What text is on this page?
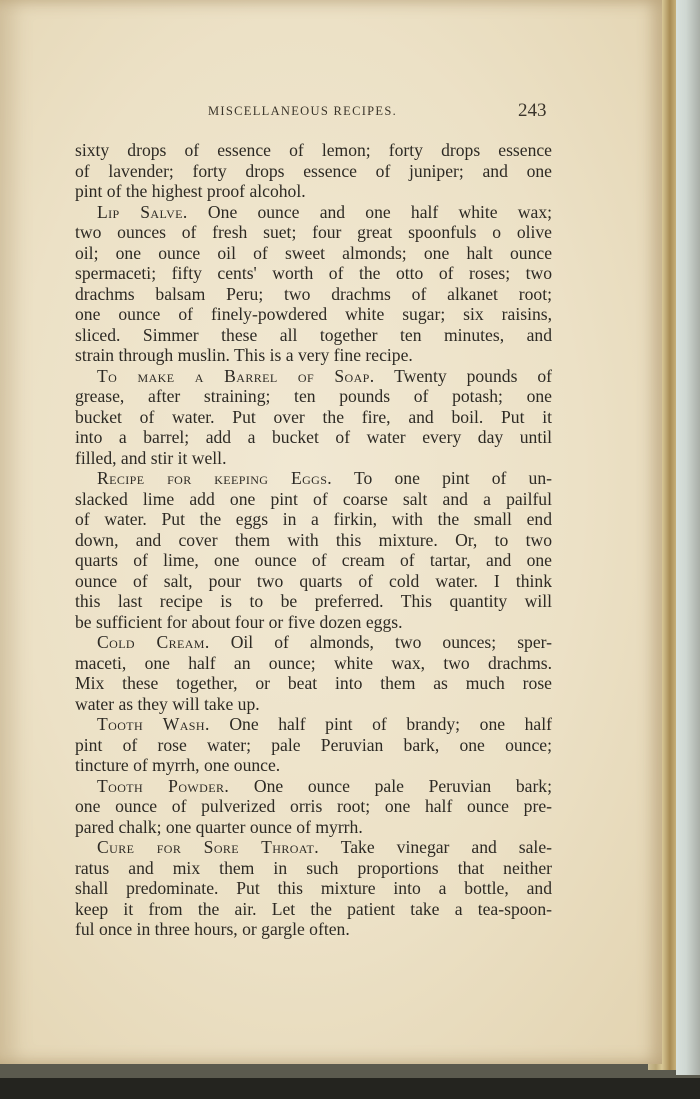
MISCELLANEOUS RECIPES.	243
sixty drops of essence of lemon; forty drops essence
of lavender; forty drops essence of juniper; and one
pint of the highest proof alcohol.
Lip Salve. One ounce and one half white wax;
two ounces of fresh suet; four great spoonfuls o olive
oil; one ounce oil of sweet almonds; one halt ounce
spermaceti; fifty cents' worth of the otto of roses; two
drachms balsam Peru; two drachms of alkanet root;
one ounce of finely-powdered white sugar; six raisins,
sliced. Simmer these all together ten minutes, and
strain through muslin. This is a very fine recipe.
To make a Barrel of Soap. Twenty pounds of
grease, after straining; ten pounds of potash; one
bucket of water. Put over the fire, and boil. Put it
into a barrel; add a bucket of water every day until
filled, and stir it well.
Recipe for keeping Eggs. To one pint of un-
slacked lime add one pint of coarse salt and a pailful
of water. Put the eggs in a firkin, with the small end
down, and cover them with this mixture. Or, to two
quarts of lime, one ounce of cream of tartar, and one
ounce of salt, pour two quarts of cold water. I think
this last recipe is to be preferred. This quantity will
be sufficient for about four or five dozen eggs.
Cold Cream. Oil of almonds, two ounces; sper-
maceti, one half an ounce; white wax, two drachms.
Mix these together, or beat into them as much rose
water as they will take up.
Tooth Wash. One half pint of brandy; one half
pint of rose water; pale Peruvian bark, one ounce;
tincture of myrrh, one ounce.
Tooth Powder. One ounce pale Peruvian bark;
one ounce of pulverized orris root; one half ounce pre-
pared chalk; one quarter ounce of myrrh.
Cure for Sore Throat. Take vinegar and sale-
ratus and mix them in such proportions that neither
shall predominate. Put this mixture into a bottle, and
keep it from the air. Let the patient take a tea-spoon-
ful once in three hours, or gargle often.
